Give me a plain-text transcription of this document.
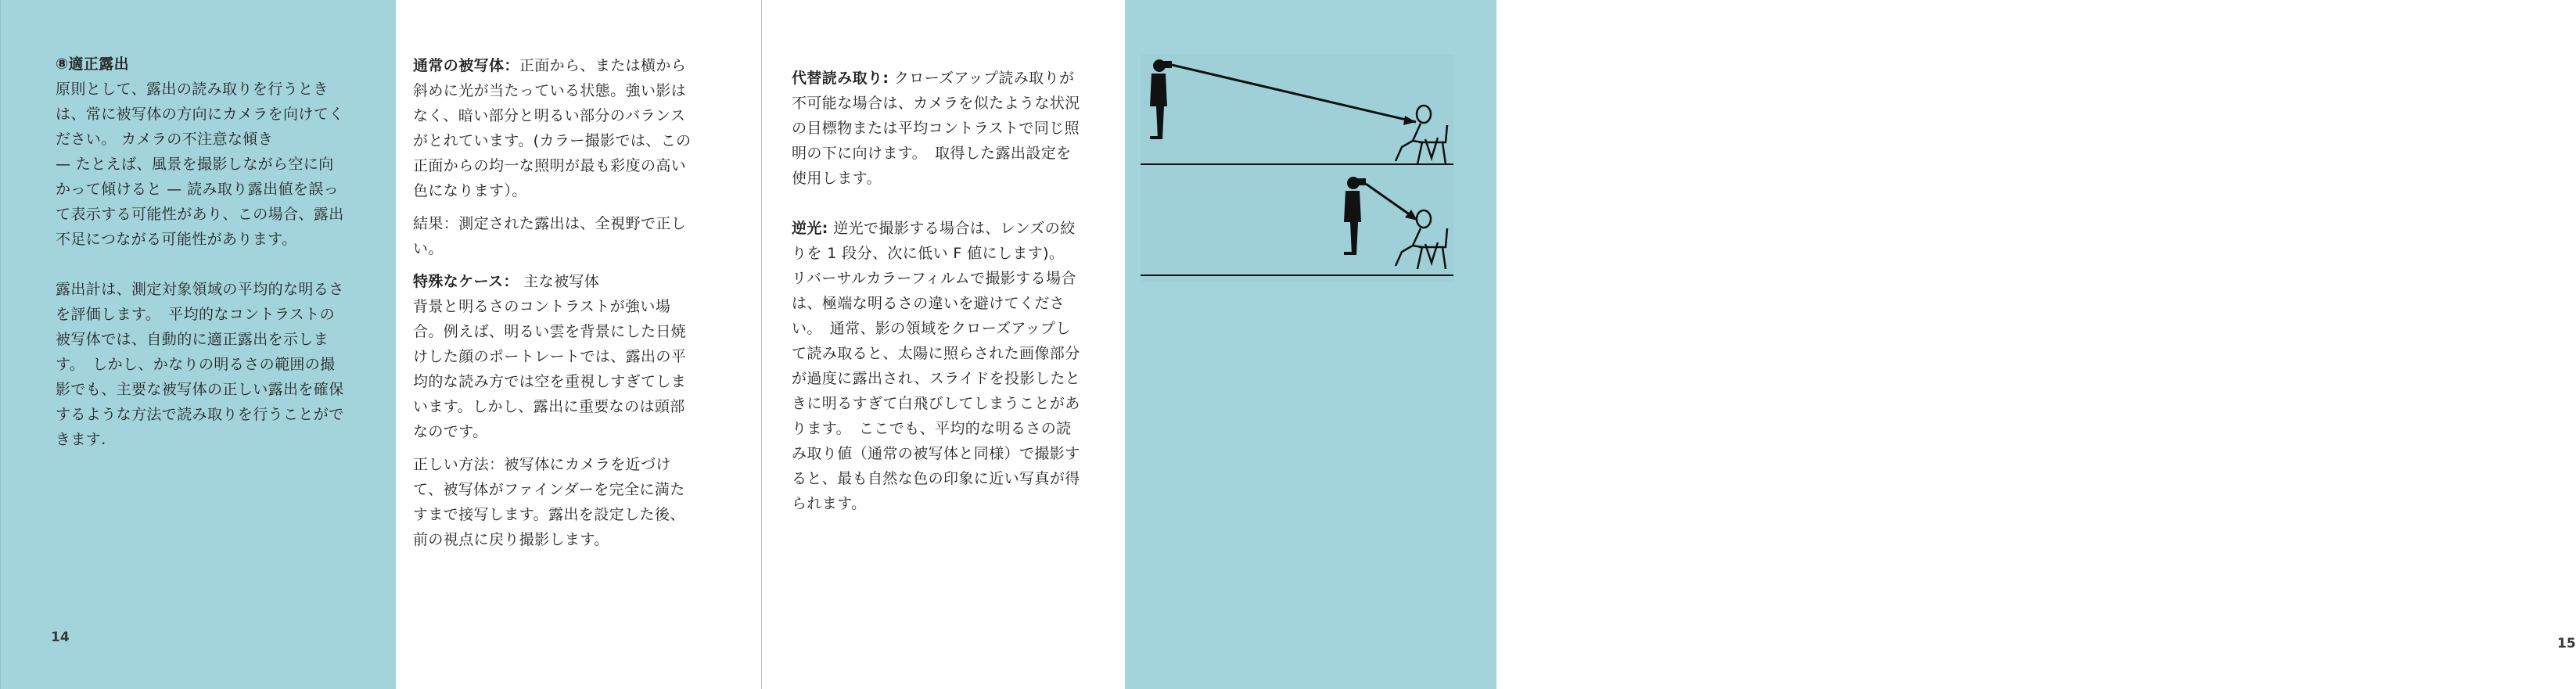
⑧適正露出

原則として、露出の読み取りを行うとき

は、常に被写体の方向にカメラを向けてく

ださい。 カメラの不注意な傾き

— たとえば、風景を撮影しながら空に向

かって傾けると — 読み取り露出値を誤っ

て表示する可能性があり、この場合、露出

不足につながる可能性があります。

露出計は、測定対象領域の平均的な明るさ

を評価します。　平均的なコントラストの

被写体では、自動的に適正露出を示しま

す。　しかし、かなりの明るさの範囲の撮

影でも、主要な被写体の正しい露出を確保

するような方法で読み取りを行うことがで

きます.

14

通常の被写体：正面から、または横から

斜めに光が当たっている状態。強い影は

なく、暗い部分と明るい部分のバランス

がとれています。(カラー撮影では、この

正面からの均一な照明が最も彩度の高い

色になります）。

結果：測定された露出は、全視野で正し

い。

特殊なケース： 主な被写体

背景と明るさのコントラストが強い場

合。例えば、明るい雲を背景にした日焼

けした顔のポートレートでは、露出の平

均的な読み方では空を重視しすぎてしま

います。しかし、露出に重要なのは頭部

なのです。

正しい方法：被写体にカメラを近づけ

て、被写体がファインダーを完全に満た

すまで接写します。露出を設定した後、

前の視点に戻り撮影します。

代替読み取り: クローズアップ読み取りが

不可能な場合は、カメラを似たような状況

の目標物または平均コントラストで同じ照

明の下に向けます。　取得した露出設定を

使用します。

逆光: 逆光で撮影する場合は、レンズの絞

りを 1 段分、次に低い F 値にします)。

リバーサルカラーフィルムで撮影する場合

は、極端な明るさの違いを避けてくださ

い。　通常、影の領域をクローズアップし

て読み取ると、太陽に照らされた画像部分

が過度に露出され、スライドを投影したと

きに明るすぎて白飛びしてしまうことがあ

ります。　ここでも、平均的な明るさの読

み取り値（通常の被写体と同様）で撮影す

ると、最も自然な色の印象に近い写真が得

られます。

15
